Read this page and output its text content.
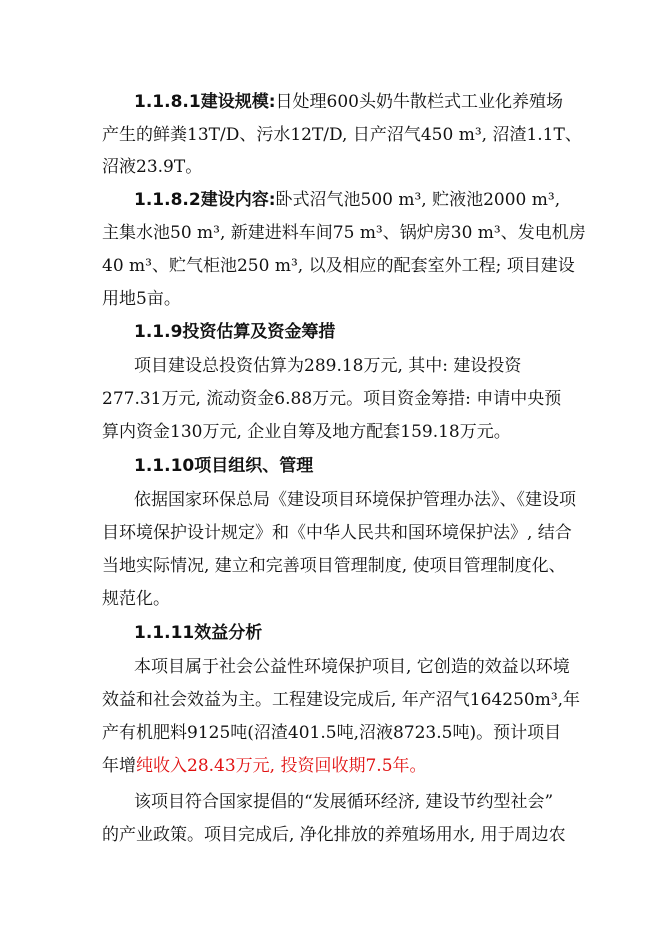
1.1.8.1建设规模:日处理600头奶牛散栏式工业化养殖场
产生的鲜粪13T/D、污水12T/D, 日产沼气450 m³, 沼渣1.1T、
沼液23.9T。
1.1.8.2建设内容:卧式沼气池500 m³, 贮液池2000 m³,
主集水池50 m³, 新建进料车间75 m³、锅炉房30 m³、发电机房
40 m³、贮气柜池250 m³, 以及相应的配套室外工程; 项目建设
用地5亩。
1.1.9投资估算及资金筹措
项目建设总投资估算为289.18万元, 其中: 建设投资
277.31万元, 流动资金6.88万元。项目资金筹措: 申请中央预
算内资金130万元, 企业自筹及地方配套159.18万元。
1.1.10项目组织、管理
依据国家环保总局《建设项目环境保护管理办法》、《建设项
目环境保护设计规定》和《中华人民共和国环境保护法》, 结合
当地实际情况, 建立和完善项目管理制度, 使项目管理制度化、
规范化。
1.1.11效益分析
本项目属于社会公益性环境保护项目, 它创造的效益以环境
效益和社会效益为主。工程建设完成后, 年产沼气164250m³,年
产有机肥料9125吨(沼渣401.5吨,沼液8723.5吨)。预计项目
年增纯收入28.43万元, 投资回收期7.5年。
该项目符合国家提倡的“发展循环经济, 建设节约型社会”
的产业政策。项目完成后, 净化排放的养殖场用水, 用于周边农
